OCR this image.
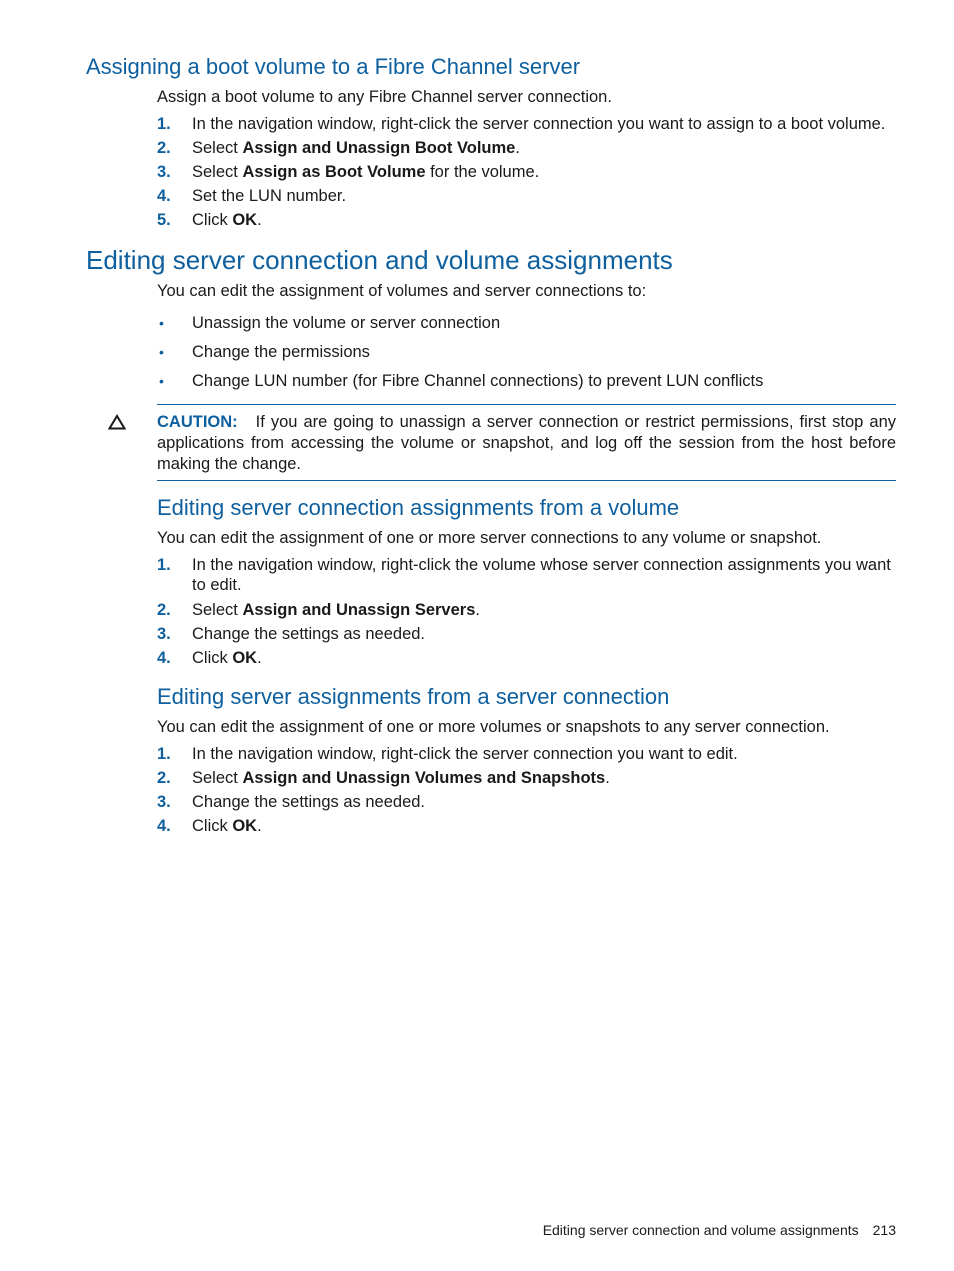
Assigning a boot volume to a Fibre Channel server

Assign a boot volume to any Fibre Channel server connection.

1. In the navigation window, right-click the server connection you want to assign to a boot volume.
2. Select Assign and Unassign Boot Volume.
3. Select Assign as Boot Volume for the volume.
4. Set the LUN number.
5. Click OK.
Editing server connection and volume assignments

You can edit the assignment of volumes and server connections to:

• Unassign the volume or server connection
• Change the permissions
• Change LUN number (for Fibre Channel connections) to prevent LUN conflicts
CAUTION: If you are going to unassign a server connection or restrict permissions, first stop any applications from accessing the volume or snapshot, and log off the session from the host before making the change.
Editing server connection assignments from a volume

You can edit the assignment of one or more server connections to any volume or snapshot.

1. In the navigation window, right-click the volume whose server connection assignments you want to edit.
2. Select Assign and Unassign Servers.
3. Change the settings as needed.
4. Click OK.
Editing server assignments from a server connection

You can edit the assignment of one or more volumes or snapshots to any server connection.

1. In the navigation window, right-click the server connection you want to edit.
2. Select Assign and Unassign Volumes and Snapshots.
3. Change the settings as needed.
4. Click OK.
Editing server connection and volume assignments 213
